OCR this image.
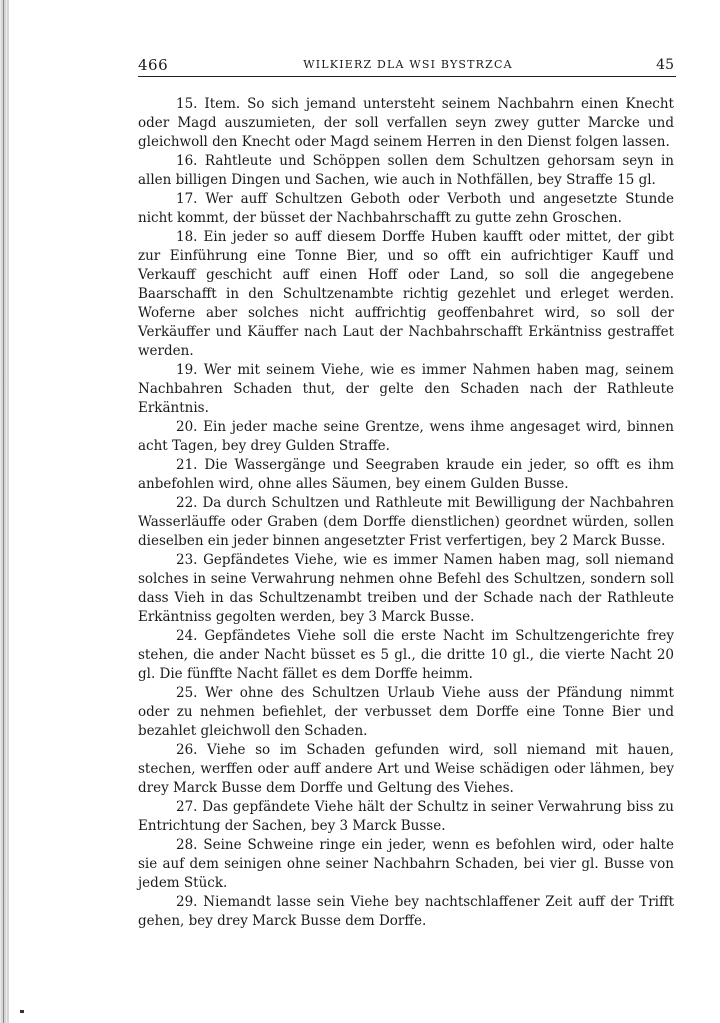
466	WILKIERZ DLA WSI BYSTRZCA	45

15. Item. So sich jemand untersteht seinem Nachbahrn einen Knecht oder Magd auszumieten, der soll verfallen seyn zwey gutter Marcke und gleichwoll den Knecht oder Magd seinem Herren in den Dienst folgen lassen.

16. Rahtleute und Schöppen sollen dem Schultzen gehorsam seyn in allen billigen Dingen und Sachen, wie auch in Nothfällen, bey Straffe 15 gl.

17. Wer auff Schultzen Geboth oder Verboth und angesetzte Stunde nicht kommt, der büsset der Nachbahrschafft zu gutte zehn Groschen.

18. Ein jeder so auff diesem Dorffe Huben kaufft oder mittet, der gibt zur Einführung eine Tonne Bier, und so offt ein aufrichtiger Kauff und Verkauff geschicht auff einen Hoff oder Land, so soll die angegebene Baarschafft in den Schultzenambte richtig gezehlet und erleget werden. Woferne aber solches nicht auffrichtig geoffenbahret wird, so soll der Verkäuffer und Käuffer nach Laut der Nachbahrschafft Erkäntniss gestraffet werden.

19. Wer mit seinem Viehe, wie es immer Nahmen haben mag, seinem Nachbahren Schaden thut, der gelte den Schaden nach der Rathleute Erkäntnis.

20. Ein jeder mache seine Grentze, wens ihme angesaget wird, binnen acht Tagen, bey drey Gulden Straffe.

21. Die Wassergänge und Seegraben kraude ein jeder, so offt es ihm anbefohlen wird, ohne alles Säumen, bey einem Gulden Busse.

22. Da durch Schultzen und Rathleute mit Bewilligung der Nachbahren Wasserläuffe oder Graben (dem Dorffe dienstlichen) geordnet würden, sollen dieselben ein jeder binnen angesetzter Frist verfertigen, bey 2 Marck Busse.

23. Gepfändetes Viehe, wie es immer Namen haben mag, soll niemand solches in seine Verwahrung nehmen ohne Befehl des Schultzen, sondern soll dass Vieh in das Schultzenambt treiben und der Schade nach der Rathleute Erkäntniss gegolten werden, bey 3 Marck Busse.

24. Gepfändetes Viehe soll die erste Nacht im Schultzengerichte frey stehen, die ander Nacht büsset es 5 gl., die dritte 10 gl., die vierte Nacht 20 gl. Die fünffte Nacht fället es dem Dorffe heimm.

25. Wer ohne des Schultzen Urlaub Viehe auss der Pfändung nimmt oder zu nehmen befiehlet, der verbusset dem Dorffe eine Tonne Bier und bezahlet gleichwoll den Schaden.

26. Viehe so im Schaden gefunden wird, soll niemand mit hauen, stechen, werffen oder auff andere Art und Weise schädigen oder lähmen, bey drey Marck Busse dem Dorffe und Geltung des Viehes.

27. Das gepfändete Viehe hält der Schultz in seiner Verwahrung biss zu Entrichtung der Sachen, bey 3 Marck Busse.

28. Seine Schweine ringe ein jeder, wenn es befohlen wird, oder halte sie auf dem seinigen ohne seiner Nachbahrn Schaden, bei vier gl. Busse von jedem Stück.

29. Niemandt lasse sein Viehe bey nachtschlaffener Zeit auff der Trifft gehen, bey drey Marck Busse dem Dorffe.
